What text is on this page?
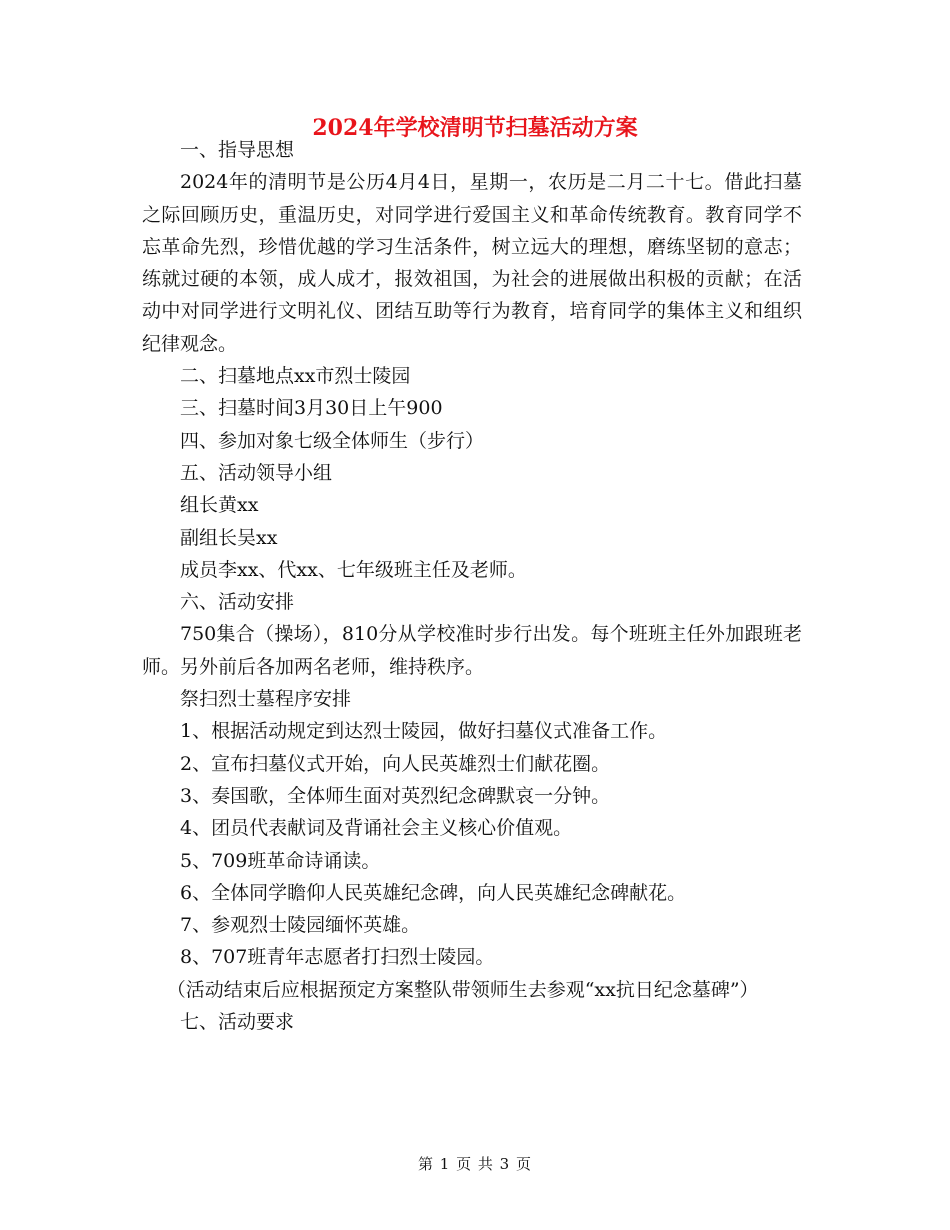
2024年学校清明节扫墓活动方案

一、指导思想

2024年的清明节是公历4月4日，星期一，农历是二月二十七。借此扫墓之际回顾历史，重温历史，对同学进行爱国主义和革命传统教育。教育同学不忘革命先烈，珍惜优越的学习生活条件，树立远大的理想，磨练坚韧的意志；练就过硬的本领，成人成才，报效祖国，为社会的进展做出积极的贡献；在活动中对同学进行文明礼仪、团结互助等行为教育，培育同学的集体主义和组织纪律观念。

二、扫墓地点xx市烈士陵园

三、扫墓时间3月30日上午900

四、参加对象七级全体师生（步行）

五、活动领导小组

组长黄xx

副组长吴xx

成员李xx、代xx、七年级班主任及老师。

六、活动安排

750集合（操场），810分从学校准时步行出发。每个班班主任外加跟班老师。另外前后各加两名老师，维持秩序。

祭扫烈士墓程序安排

1、根据活动规定到达烈士陵园，做好扫墓仪式准备工作。

2、宣布扫墓仪式开始，向人民英雄烈士们献花圈。

3、奏国歌，全体师生面对英烈纪念碑默哀一分钟。

4、团员代表献词及背诵社会主义核心价值观。

5、709班革命诗诵读。

6、全体同学瞻仰人民英雄纪念碑，向人民英雄纪念碑献花。

7、参观烈士陵园缅怀英雄。

8、707班青年志愿者打扫烈士陵园。

（活动结束后应根据预定方案整队带领师生去参观“xx抗日纪念墓碑”）

七、活动要求

第 1 页 共 3 页
